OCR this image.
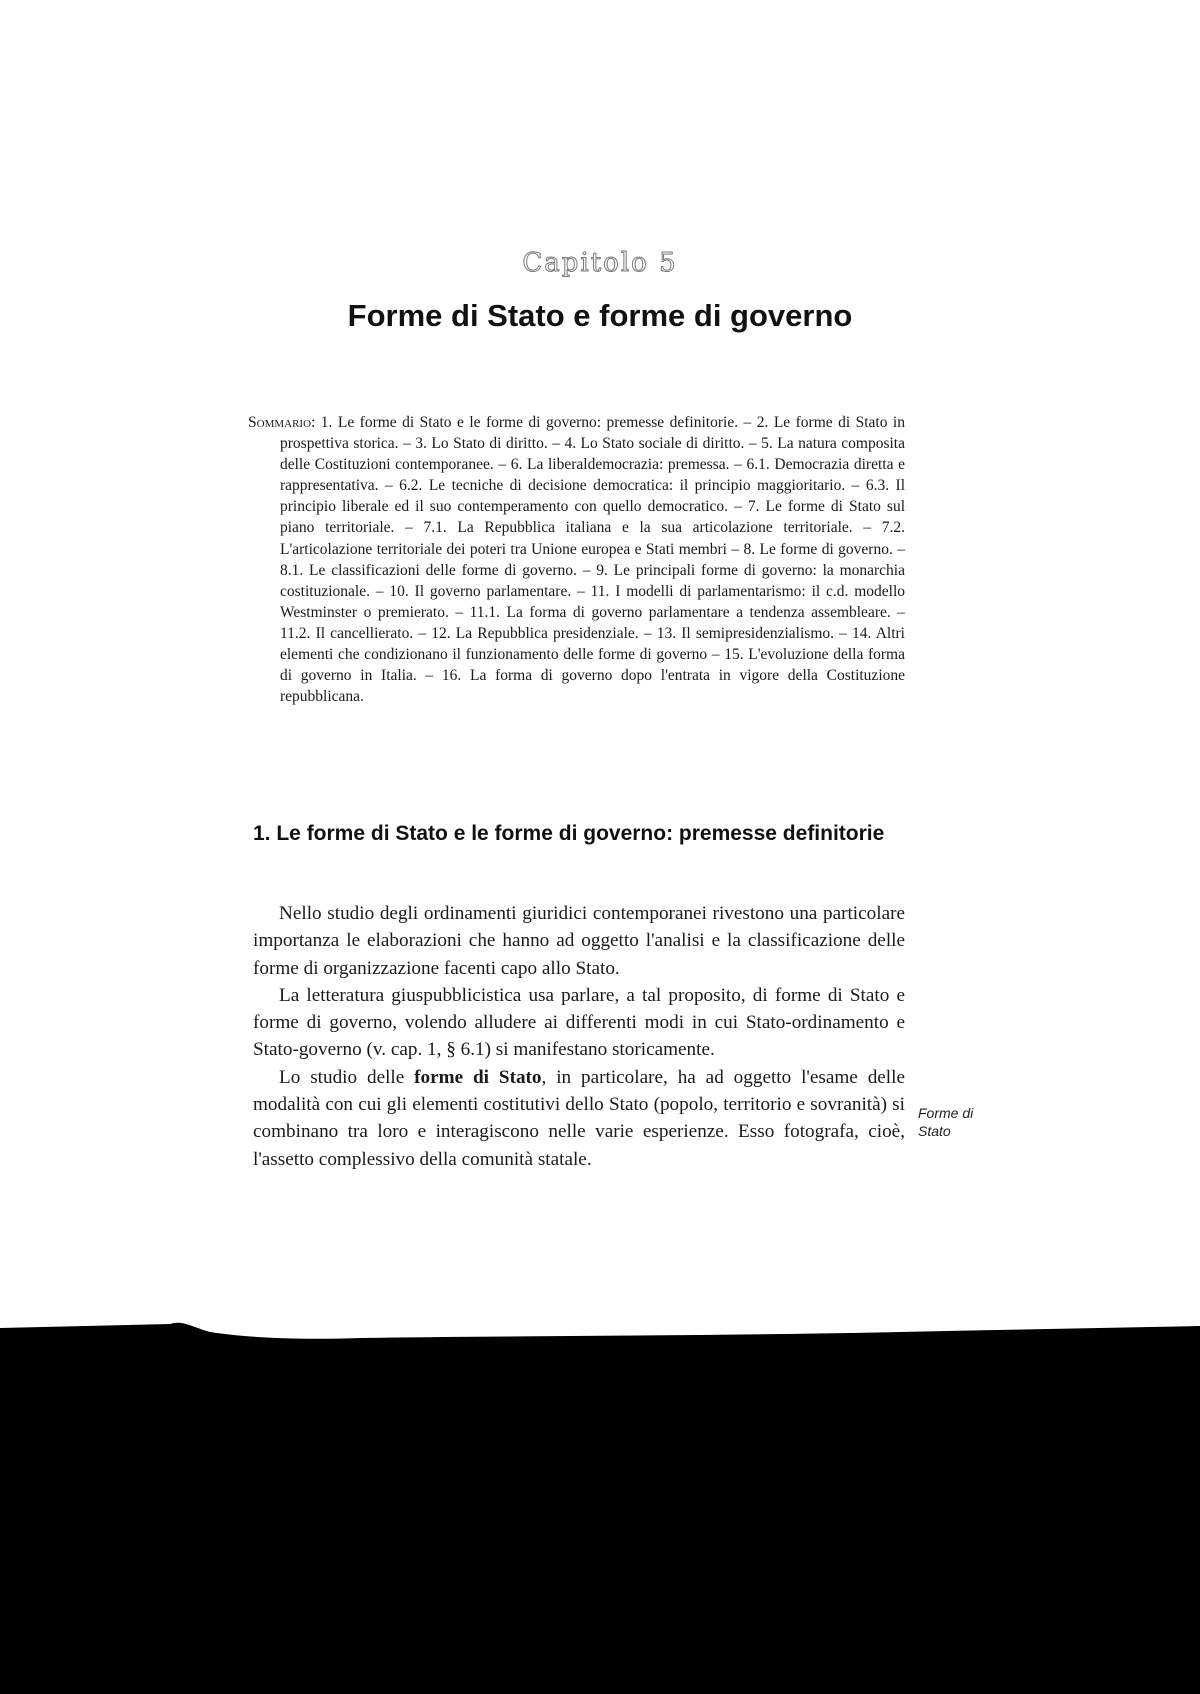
Capitolo 5
Forme di Stato e forme di governo
Sommario: 1. Le forme di Stato e le forme di governo: premesse definitorie. – 2. Le forme di Stato in prospettiva storica. – 3. Lo Stato di diritto. – 4. Lo Stato sociale di diritto. – 5. La natura composita delle Costituzioni contemporanee. – 6. La liberaldemocrazia: premessa. – 6.1. Democrazia diretta e rappresentativa. – 6.2. Le tecniche di decisione democratica: il principio maggioritario. – 6.3. Il principio liberale ed il suo contemperamento con quello democratico. – 7. Le forme di Stato sul piano territoriale. – 7.1. La Repubblica italiana e la sua articolazione territoriale. – 7.2. L'articolazione territoriale dei poteri tra Unione europea e Stati membri – 8. Le forme di governo. – 8.1. Le classificazioni delle forme di governo. – 9. Le principali forme di governo: la monarchia costituzionale. – 10. Il governo parlamentare. – 11. I modelli di parlamentarismo: il c.d. modello Westminster o premierato. – 11.1. La forma di governo parlamentare a tendenza assembleare. – 11.2. Il cancellierato. – 12. La Repubblica presidenziale. – 13. Il semipresidenzialismo. – 14. Altri elementi che condizionano il funzionamento delle forme di governo – 15. L'evoluzione della forma di governo in Italia. – 16. La forma di governo dopo l'entrata in vigore della Costituzione repubblicana.
1. Le forme di Stato e le forme di governo: premesse definitorie

Nello studio degli ordinamenti giuridici contemporanei rivestono una particolare importanza le elaborazioni che hanno ad oggetto l'analisi e la classificazione delle forme di organizzazione facenti capo allo Stato.

La letteratura giuspubblicistica usa parlare, a tal proposito, di forme di Stato e forme di governo, volendo alludere ai differenti modi in cui Stato-ordinamento e Stato-governo (v. cap. 1, § 6.1) si manifestano storicamente.

Lo studio delle forme di Stato, in particolare, ha ad oggetto l'esame delle modalità con cui gli elementi costitutivi dello Stato (popolo, territorio e sovranità) si combinano tra loro e interagiscono nelle varie esperienze. Esso fotografa, cioè, l'assetto complessivo della comunità statale.

Forme di Stato
